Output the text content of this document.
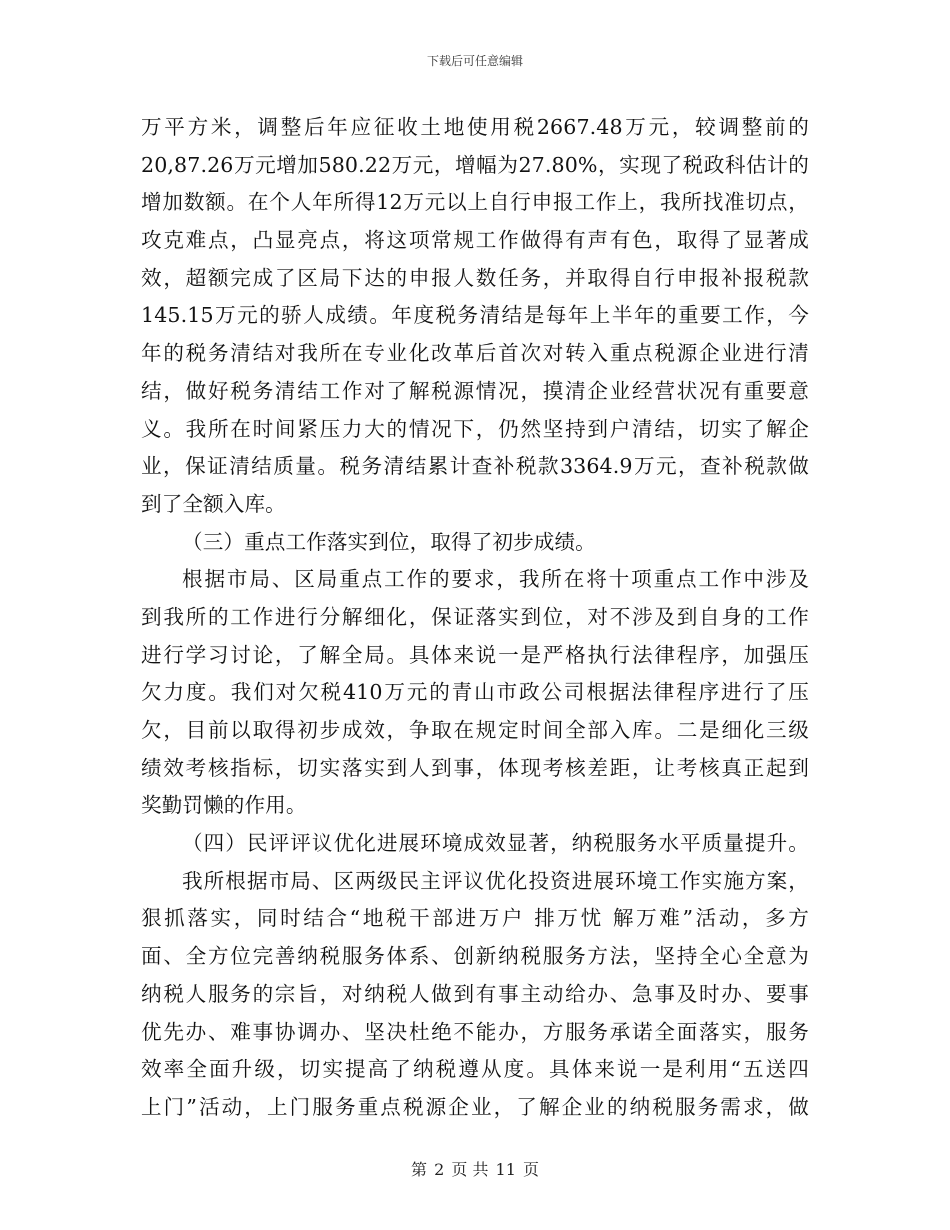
下载后可任意编辑
万平方米，调整后年应征收土地使用税2667.48万元，较调整前的
20,87.26万元增加580.22万元，增幅为27.80%，实现了税政科估计的
增加数额。在个人年所得12万元以上自行申报工作上，我所找准切点，
攻克难点，凸显亮点，将这项常规工作做得有声有色，取得了显著成
效，超额完成了区局下达的申报人数任务，并取得自行申报补报税款
145.15万元的骄人成绩。年度税务清结是每年上半年的重要工作，今
年的税务清结对我所在专业化改革后首次对转入重点税源企业进行清
结，做好税务清结工作对了解税源情况，摸清企业经营状况有重要意
义。我所在时间紧压力大的情况下，仍然坚持到户清结，切实了解企
业，保证清结质量。税务清结累计查补税款3364.9万元，查补税款做
到了全额入库。
（三）重点工作落实到位，取得了初步成绩。
根据市局、区局重点工作的要求，我所在将十项重点工作中涉及
到我所的工作进行分解细化，保证落实到位，对不涉及到自身的工作
进行学习讨论，了解全局。具体来说一是严格执行法律程序，加强压
欠力度。我们对欠税410万元的青山市政公司根据法律程序进行了压
欠，目前以取得初步成效，争取在规定时间全部入库。二是细化三级
绩效考核指标，切实落实到人到事，体现考核差距，让考核真正起到
奖勤罚懒的作用。
（四）民评评议优化进展环境成效显著，纳税服务水平质量提升。
我所根据市局、区两级民主评议优化投资进展环境工作实施方案，
狠抓落实，同时结合“地税干部进万户 排万忧 解万难”活动，多方
面、全方位完善纳税服务体系、创新纳税服务方法，坚持全心全意为
纳税人服务的宗旨，对纳税人做到有事主动给办、急事及时办、要事
优先办、难事协调办、坚决杜绝不能办，方服务承诺全面落实，服务
效率全面升级，切实提高了纳税遵从度。具体来说一是利用“五送四
上门”活动，上门服务重点税源企业，了解企业的纳税服务需求，做
第 2 页 共 11 页
